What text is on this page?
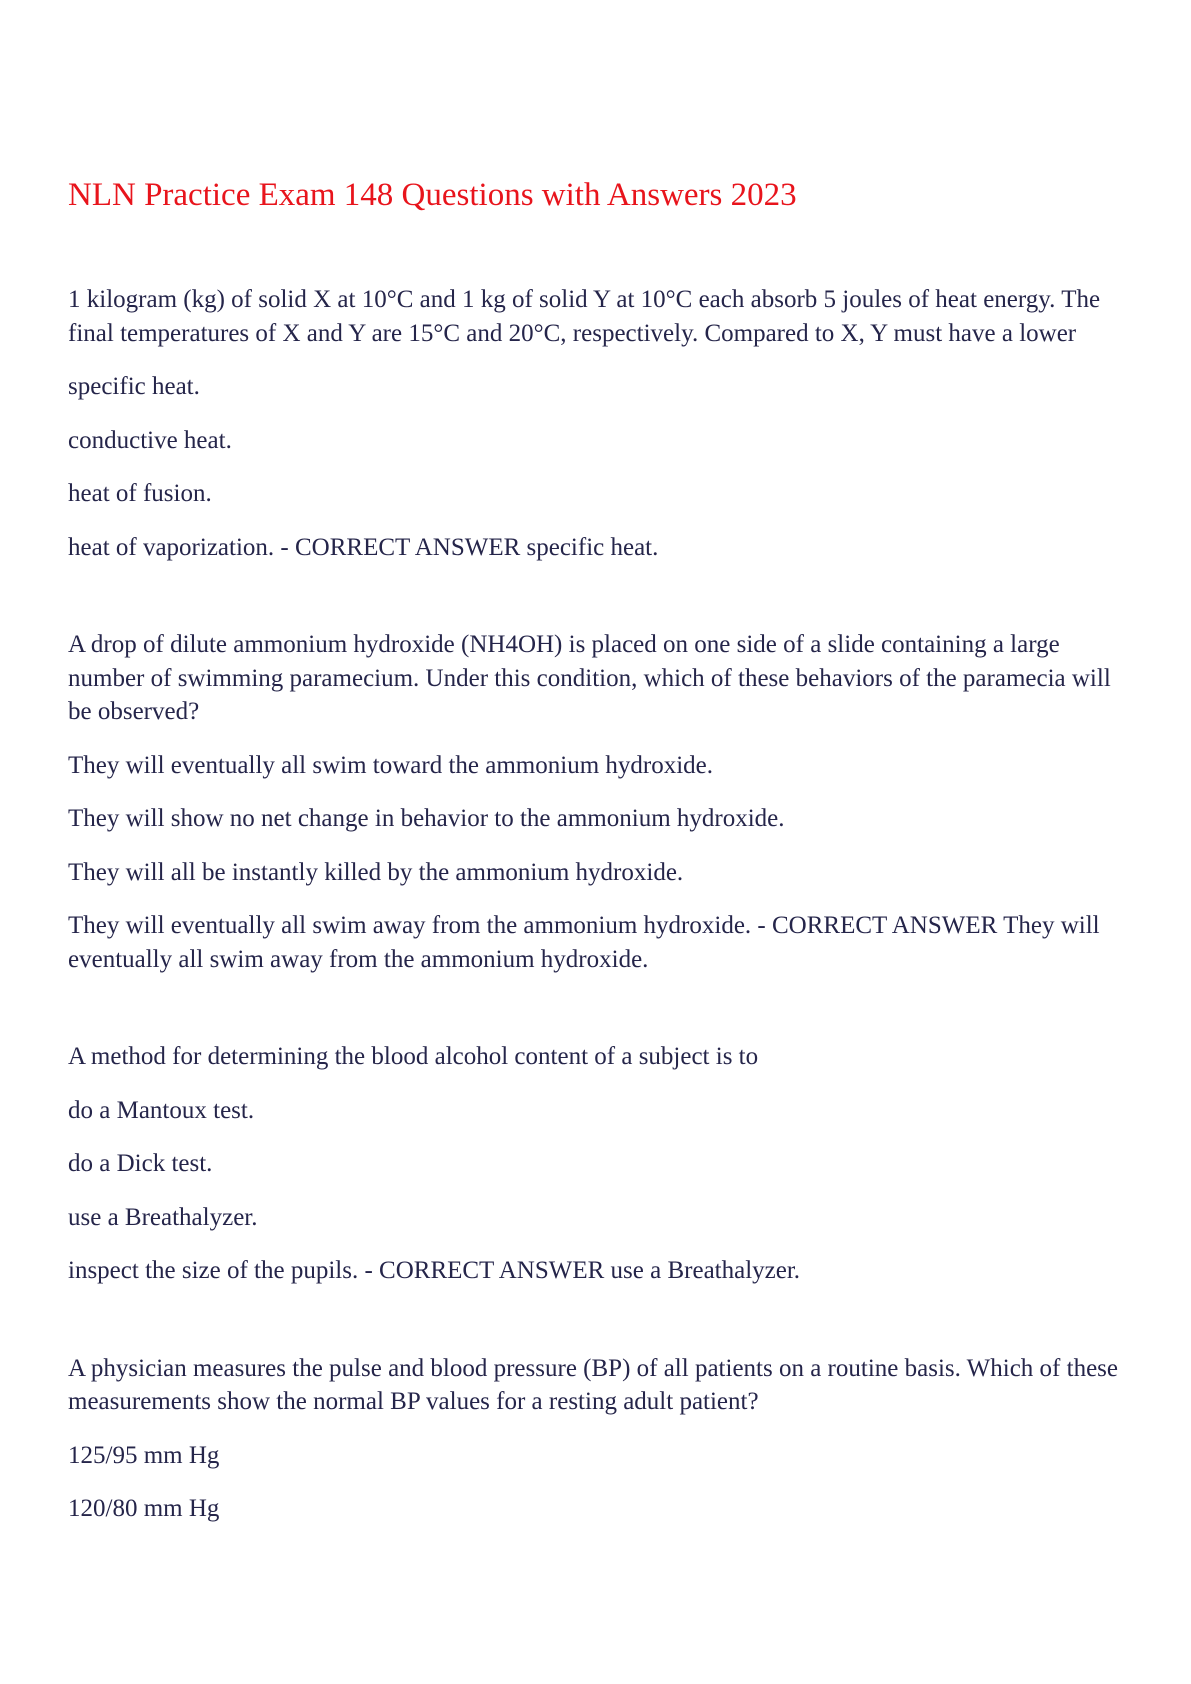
NLN Practice Exam 148 Questions with Answers 2023

1 kilogram (kg) of solid X at 10°C and 1 kg of solid Y at 10°C each absorb 5 joules of heat energy. The final temperatures of X and Y are 15°C and 20°C, respectively. Compared to X, Y must have a lower

specific heat.

conductive heat.

heat of fusion.

heat of vaporization. - CORRECT ANSWER specific heat.

A drop of dilute ammonium hydroxide (NH4OH) is placed on one side of a slide containing a large number of swimming paramecium. Under this condition, which of these behaviors of the paramecia will be observed?

They will eventually all swim toward the ammonium hydroxide.

They will show no net change in behavior to the ammonium hydroxide.

They will all be instantly killed by the ammonium hydroxide.

They will eventually all swim away from the ammonium hydroxide. - CORRECT ANSWER They will eventually all swim away from the ammonium hydroxide.

A method for determining the blood alcohol content of a subject is to

do a Mantoux test.

do a Dick test.

use a Breathalyzer.

inspect the size of the pupils. - CORRECT ANSWER use a Breathalyzer.

A physician measures the pulse and blood pressure (BP) of all patients on a routine basis. Which of these measurements show the normal BP values for a resting adult patient?

125/95 mm Hg

120/80 mm Hg
